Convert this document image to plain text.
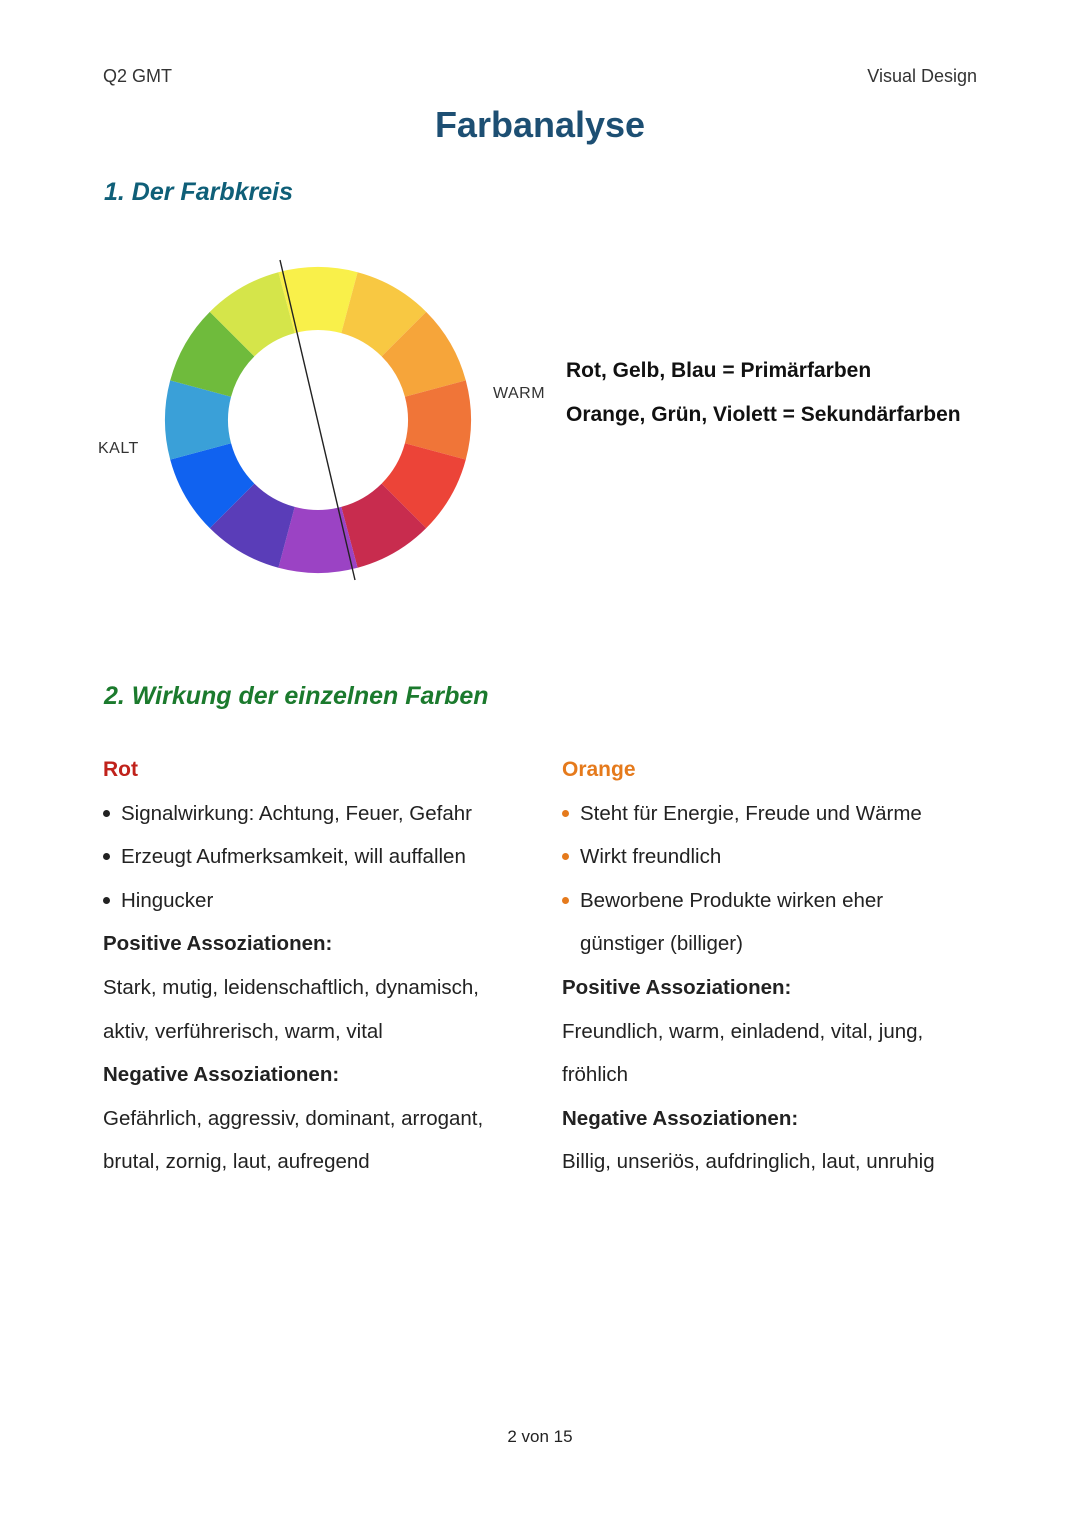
Q2 GMT	Visual Design
Farbanalyse
1. Der Farbkreis
KALT
WARM
Rot, Gelb, Blau = Primärfarben
Orange, Grün, Violett = Sekundärfarben
2. Wirkung der einzelnen Farben
Rot
Signalwirkung: Achtung, Feuer, Gefahr
Erzeugt Aufmerksamkeit, will auffallen
Hingucker
Positive Assoziationen:
Stark, mutig, leidenschaftlich, dynamisch,
aktiv, verführerisch, warm, vital
Negative Assoziationen:
Gefährlich, aggressiv, dominant, arrogant,
brutal, zornig, laut, aufregend
Orange
Steht für Energie, Freude und Wärme
Wirkt freundlich
Beworbene Produkte wirken eher
günstiger (billiger)
Positive Assoziationen:
Freundlich, warm, einladend, vital, jung,
fröhlich
Negative Assoziationen:
Billig, unseriös, aufdringlich, laut, unruhig
2 von 15
